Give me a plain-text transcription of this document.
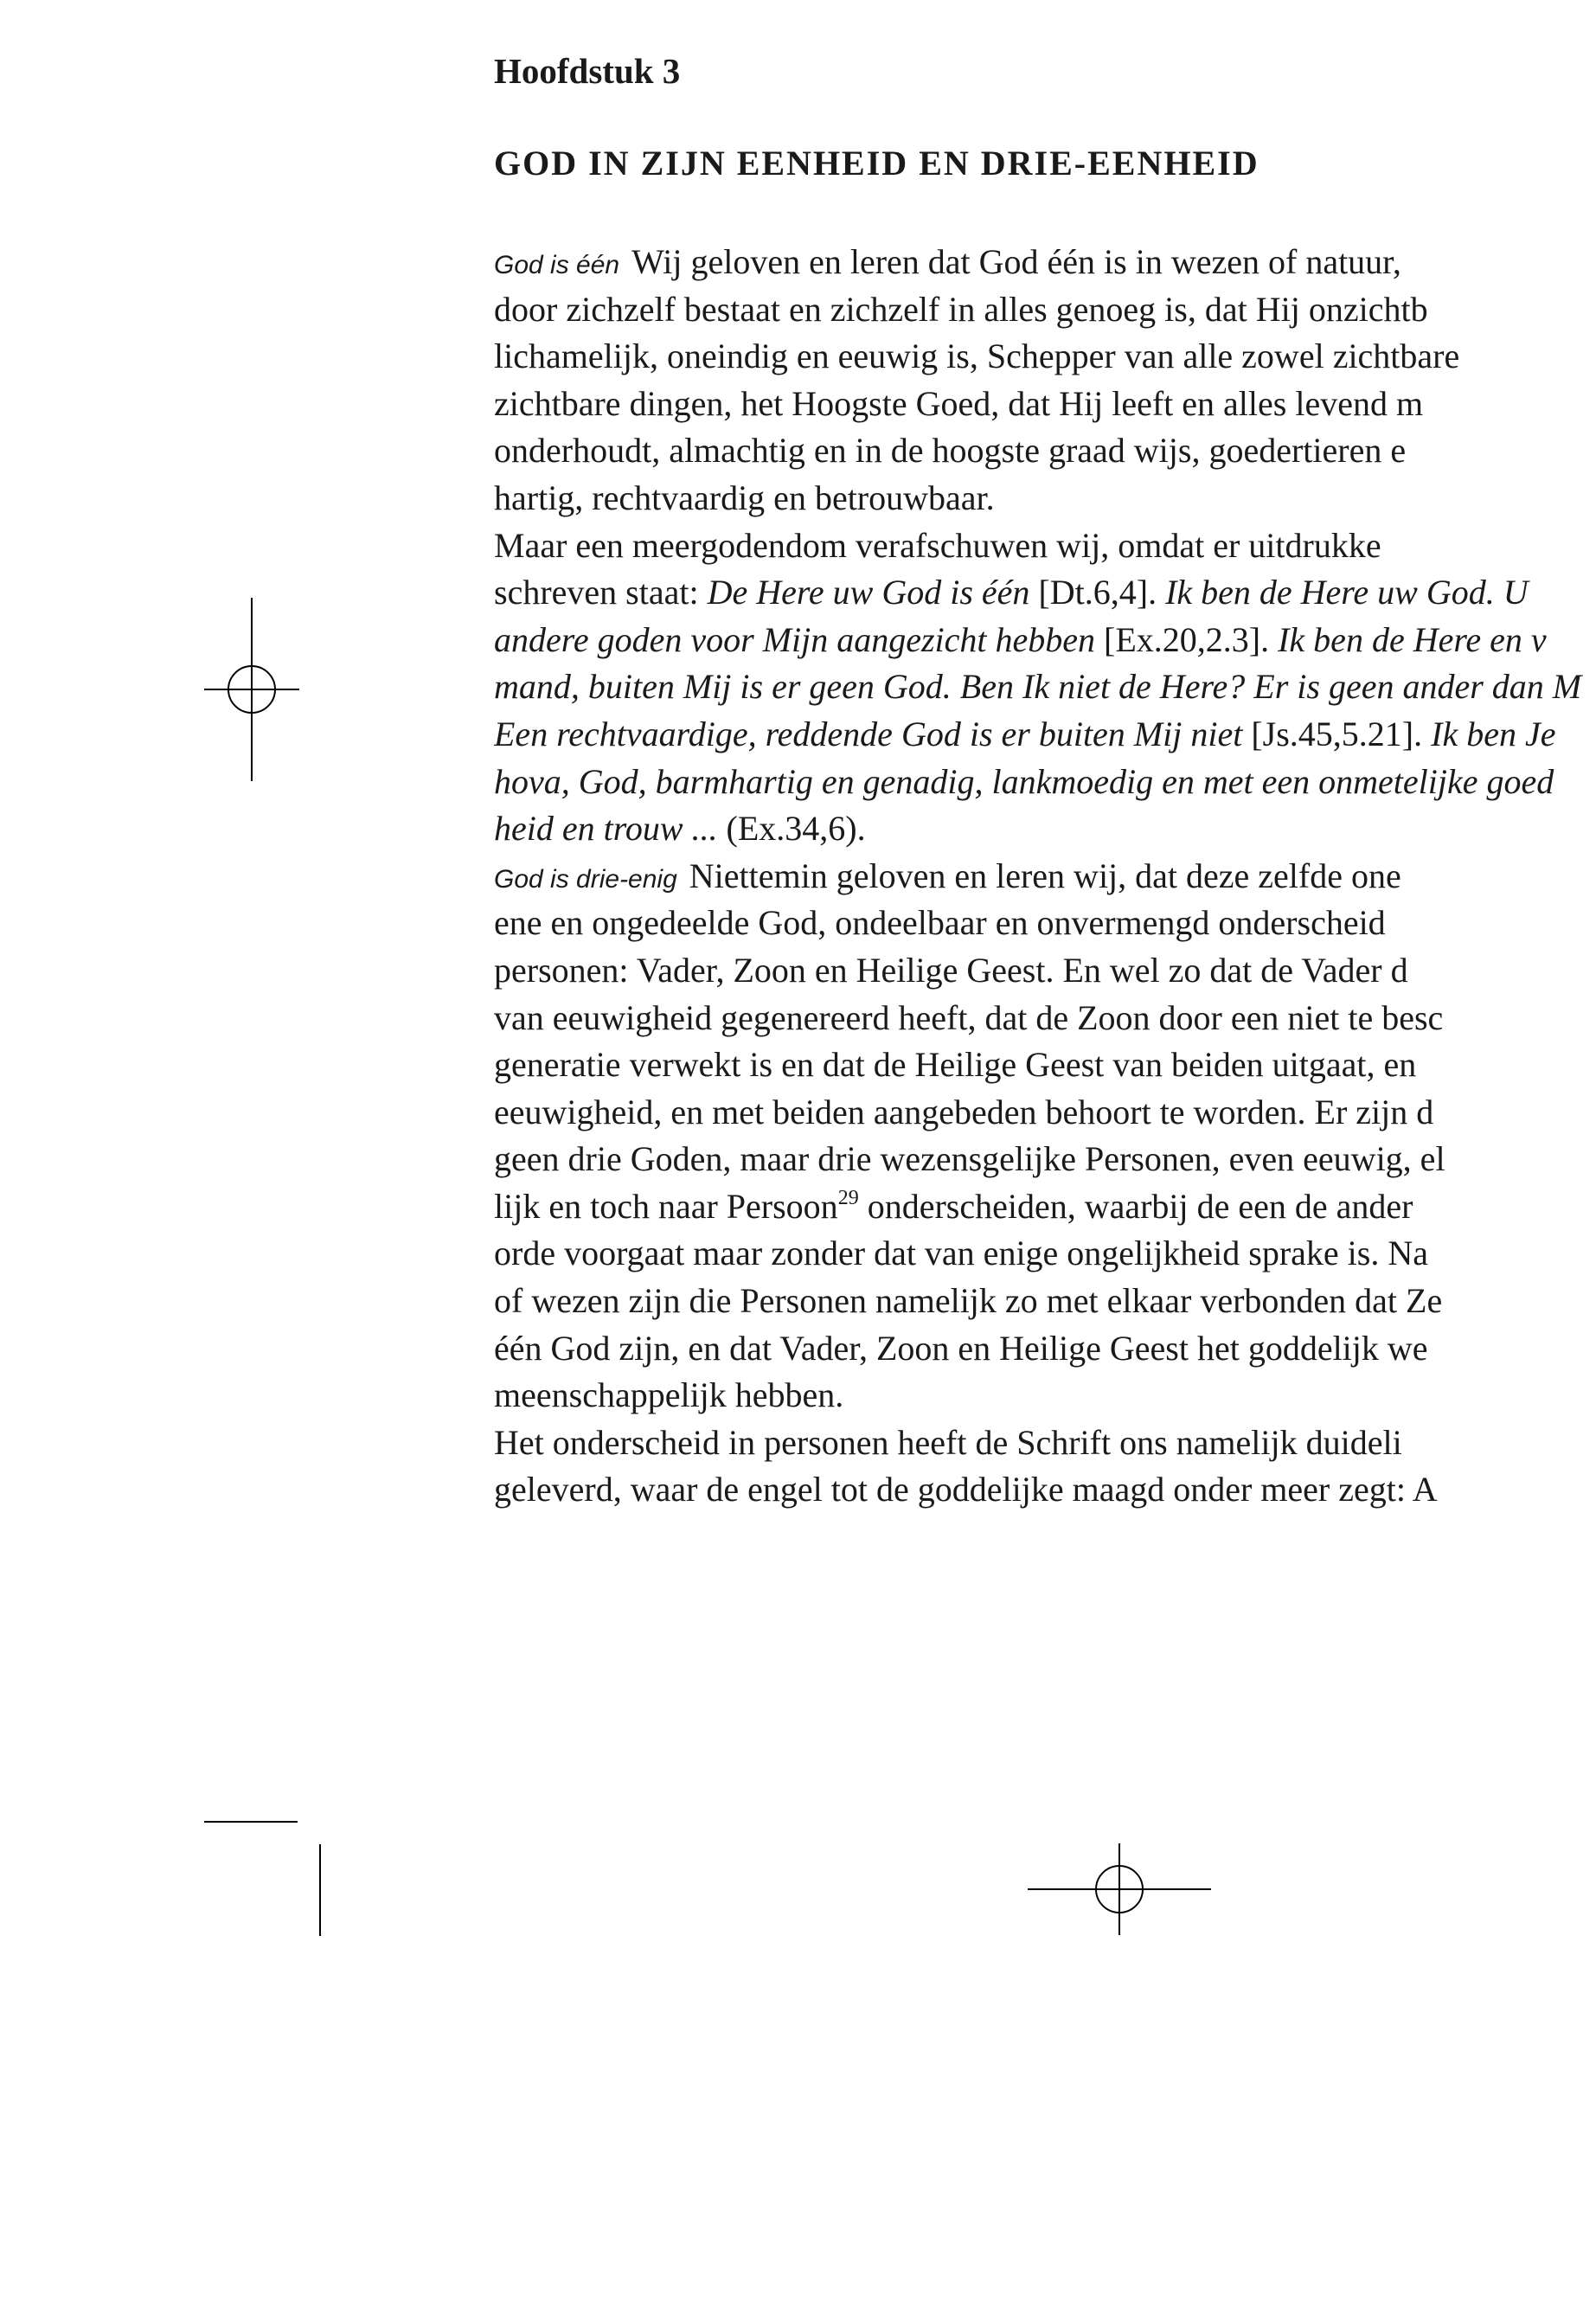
Hoofdstuk 3
GOD IN ZIJN EENHEID EN DRIE-EENHEID
God is één Wij geloven en leren dat God één is in wezen of natuur,
door zichzelf bestaat en zichzelf in alles genoeg is, dat Hij onzichtb
lichamelijk, oneindig en eeuwig is, Schepper van alle zowel zichtbare
zichtbare dingen, het Hoogste Goed, dat Hij leeft en alles levend m
onderhoudt, almachtig en in de hoogste graad wijs, goedertieren e
hartig, rechtvaardig en betrouwbaar.
Maar een meergodendom verafschuwen wij, omdat er uitdrukke
schreven staat: De Here uw God is één [Dt.6,4]. Ik ben de Here uw God. U
andere goden voor Mijn aangezicht hebben [Ex.20,2.3]. Ik ben de Here en v
mand, buiten Mij is er geen God. Ben Ik niet de Here? Er is geen ander dan M
Een rechtvaardige, reddende God is er buiten Mij niet [Js.45,5.21]. Ik ben Je
hova, God, barmhartig en genadig, lankmoedig en met een onmetelijke goed
heid en trouw ... (Ex.34,6).
God is drie-enig Niettemin geloven en leren wij, dat deze zelfde one
ene en ongedeelde God, ondeelbaar en onvermengd onderscheid
personen: Vader, Zoon en Heilige Geest. En wel zo dat de Vader d
van eeuwigheid gegenereerd heeft, dat de Zoon door een niet te besc
generatie verwekt is en dat de Heilige Geest van beiden uitgaat, en
eeuwigheid, en met beiden aangebeden behoort te worden. Er zijn d
geen drie Goden, maar drie wezensgelijke Personen, even eeuwig, el
lijk en toch naar Persoon$^{29}$ onderscheiden, waarbij de een de ander
orde voorgaat maar zonder dat van enige ongelijkheid sprake is. Na
of wezen zijn die Personen namelijk zo met elkaar verbonden dat Ze
één God zijn, en dat Vader, Zoon en Heilige Geest het goddelijk we
meenschappelijk hebben.
Het onderscheid in personen heeft de Schrift ons namelijk duideli
geleverd, waar de engel tot de goddelijke maagd onder meer zegt: A
